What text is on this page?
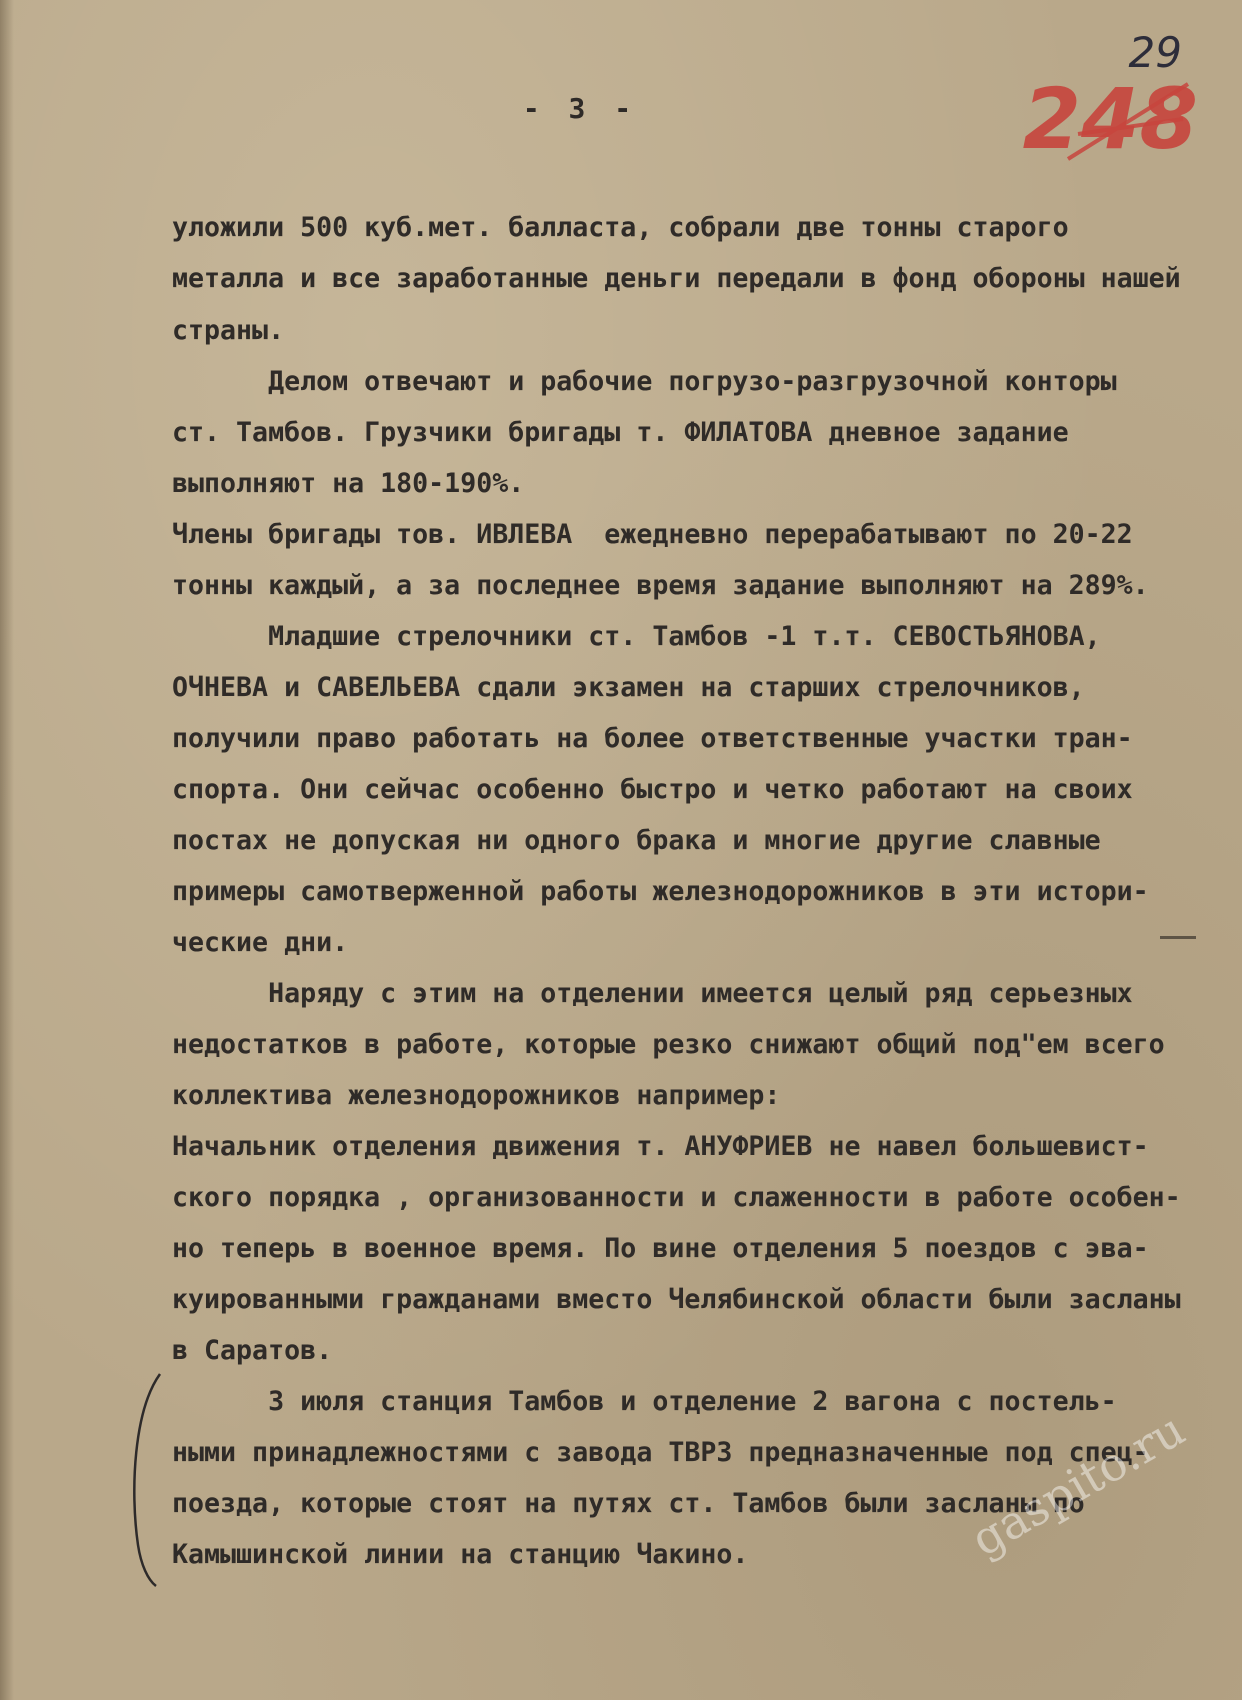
29
248
- 3 -
уложили 500 куб.мет. балласта, собрали две тонны старого
металла и все заработанные деньги передали в фонд обороны нашей
страны.
Делом отвечают и рабочие погрузо-разгрузочной конторы
ст. Тамбов. Грузчики бригады т. ФИЛАТОВА дневное задание
выполняют на 180-190%.
Члены бригады тов. ИВЛЕВА  ежедневно перерабатывают по 20-22
тонны каждый, а за последнее время задание выполняют на 289%.
Младшие стрелочники ст. Тамбов -1 т.т. СЕВОСТЬЯНОВА,
ОЧНЕВА и САВЕЛЬЕВА сдали экзамен на старших стрелочников,
получили право работать на более ответственные участки тран-
спорта. Они сейчас особенно быстро и четко работают на своих
постах не допуская ни одного брака и многие другие славные
примеры самотверженной работы железнодорожников в эти истори-
ческие дни.
Наряду с этим на отделении имеется целый ряд серьезных
недостатков в работе, которые резко снижают общий под"ем всего
коллектива железнодорожников например:
Начальник отделения движения т. АНУФРИЕВ не навел большевист-
ского порядка , организованности и слаженности в работе особен-
но теперь в военное время. По вине отделения 5 поездов с эва-
куированными гражданами вместо Челябинской области были засланы
в Саратов.
3 июля станция Тамбов и отделение 2 вагона с постель-
ными принадлежностями с завода ТВРЗ предназначенные под спец-
поезда, которые стоят на путях ст. Тамбов были засланы по
Камышинской линии на станцию Чакино.	gaspito.ru
